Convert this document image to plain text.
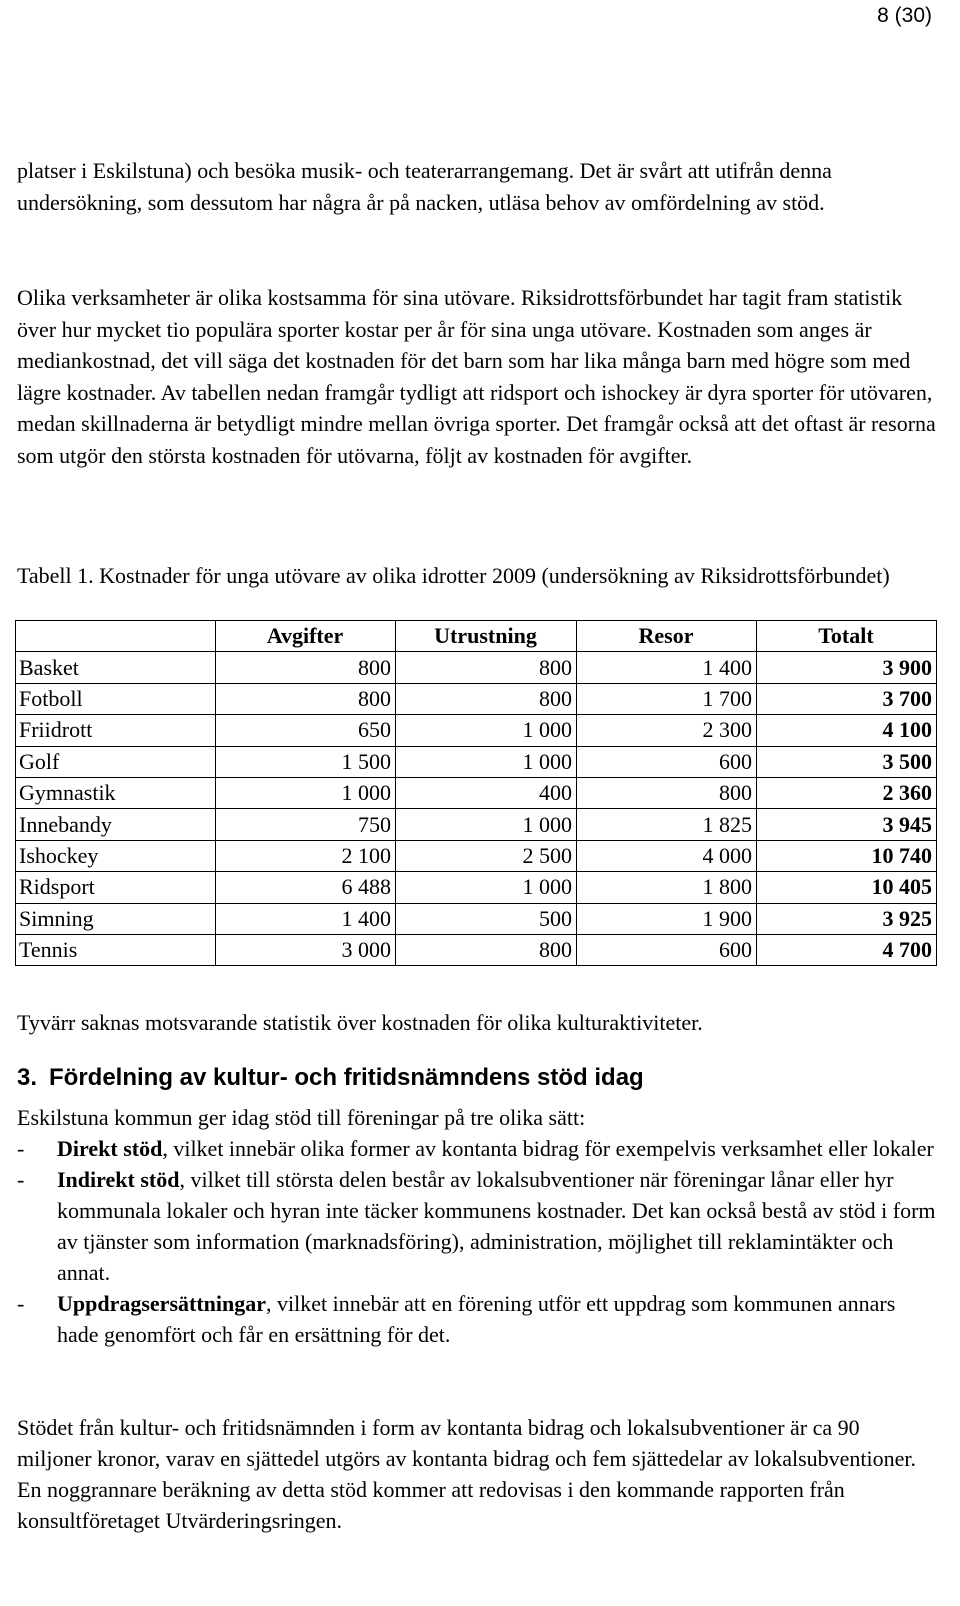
8 (30)

platser i Eskilstuna) och besöka musik- och teaterarrangemang. Det är svårt att utifrån denna undersökning, som dessutom har några år på nacken, utläsa behov av omfördelning av stöd.

Olika verksamheter är olika kostsamma för sina utövare. Riksidrottsförbundet har tagit fram statistik över hur mycket tio populära sporter kostar per år för sina unga utövare. Kostnaden som anges är mediankostnad, det vill säga det kostnaden för det barn som har lika många barn med högre som med lägre kostnader. Av tabellen nedan framgår tydligt att ridsport och ishockey är dyra sporter för utövaren, medan skillnaderna är betydligt mindre mellan övriga sporter. Det framgår också att det oftast är resorna som utgör den största kostnaden för utövarna, följt av kostnaden för avgifter.

Tabell 1. Kostnader för unga utövare av olika idrotter 2009 (undersökning av Riksidrottsförbundet)

	Avgifter	Utrustning	Resor	Totalt
Basket	800	800	1 400	3 900
Fotboll	800	800	1 700	3 700
Friidrott	650	1 000	2 300	4 100
Golf	1 500	1 000	600	3 500
Gymnastik	1 000	400	800	2 360
Innebandy	750	1 000	1 825	3 945
Ishockey	2 100	2 500	4 000	10 740
Ridsport	6 488	1 000	1 800	10 405
Simning	1 400	500	1 900	3 925
Tennis	3 000	800	600	4 700

Tyvärr saknas motsvarande statistik över kostnaden för olika kulturaktiviteter.

3. Fördelning av kultur- och fritidsnämndens stöd idag

Eskilstuna kommun ger idag stöd till föreningar på tre olika sätt:

- Direkt stöd, vilket innebär olika former av kontanta bidrag för exempelvis verksamhet eller lokaler
- Indirekt stöd, vilket till största delen består av lokalsubventioner när föreningar lånar eller hyr kommunala lokaler och hyran inte täcker kommunens kostnader. Det kan också bestå av stöd i form av tjänster som information (marknadsföring), administration, möjlighet till reklamintäkter och annat.
- Uppdragsersättningar, vilket innebär att en förening utför ett uppdrag som kommunen annars hade genomfört och får en ersättning för det.

Stödet från kultur- och fritidsnämnden i form av kontanta bidrag och lokalsubventioner är ca 90 miljoner kronor, varav en sjättedel utgörs av kontanta bidrag och fem sjättedelar av lokalsubventioner. En noggrannare beräkning av detta stöd kommer att redovisas i den kommande rapporten från konsultföretaget Utvärderingsringen.
